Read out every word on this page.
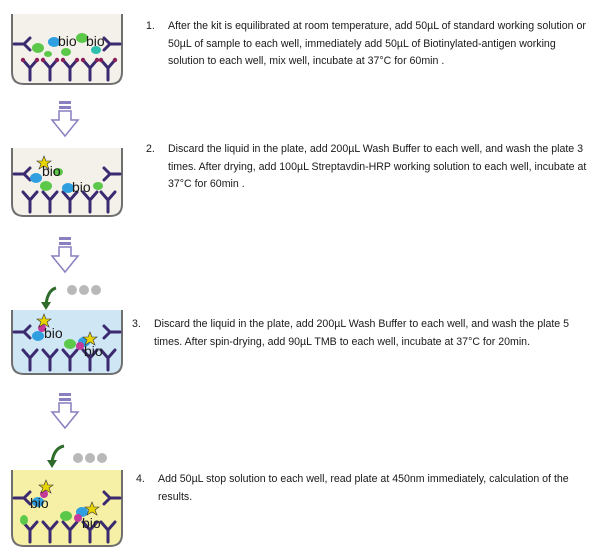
bio bio
bio
bio
bio
bio
bio
bio
1. After the kit is equilibrated at room temperature, add 50µL of standard working solution or 50µL of sample to each well, immediately add 50µL of Biotinylated-antigen working solution to each well, mix well, incubate at 37°C for 60min .
2. Discard the liquid in the plate, add 200µL Wash Buffer to each well, and wash the plate 3 times. After drying, add 100µL Streptavdin-HRP working solution to each well, incubate at 37°C for 60min .
3. Discard the liquid in the plate, add 200µL Wash Buffer to each well, and wash the plate 5 times. After spin-drying, add 90µL TMB to each well, incubate at 37°C for 20min.
4. Add 50µL stop solution to each well, read plate at 450nm immediately, calculation of the results.
